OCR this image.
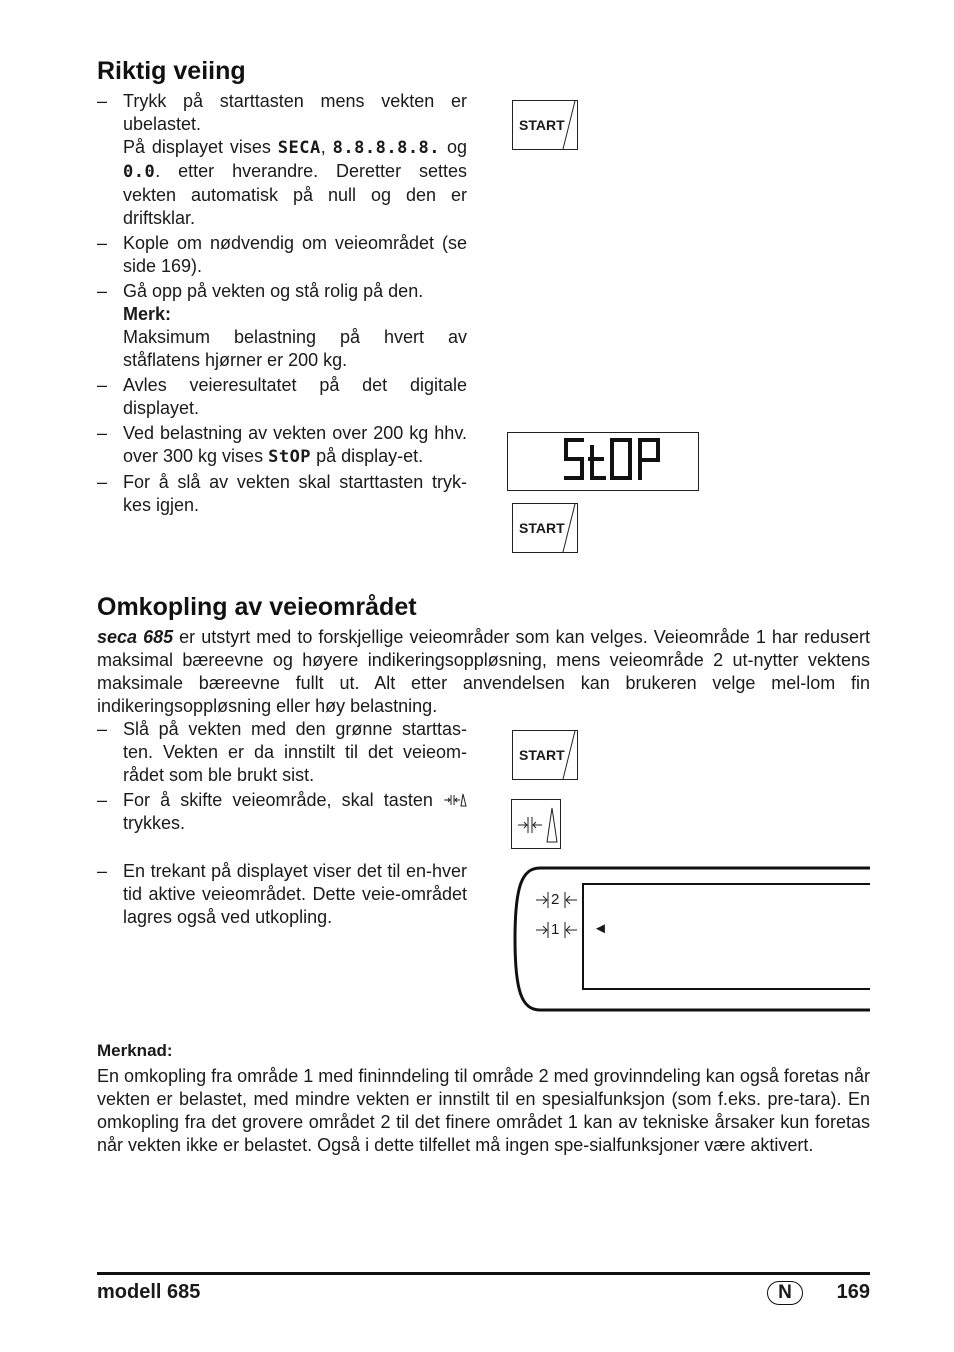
Riktig veiing
– Trykk på starttasten mens vekten er ubelastet.
På displayet vises SECA, 8.8.8.8.8. og 0.0. etter hverandre. Deretter settes vekten automatisk på null og den er driftsklar.
– Kople om nødvendig om veieområdet (se side 169).
– Gå opp på vekten og stå rolig på den.
Merk:
Maksimum belastning på hvert av ståflatens hjørner er 200 kg.
– Avles veieresultatet på det digitale displayet.
– Ved belastning av vekten over 200 kg hhv. over 300 kg vises StOP på display-et.
– For å slå av vekten skal starttasten tryk-kes igjen.
START
START
Omkopling av veieområdet
seca 685 er utstyrt med to forskjellige veieområder som kan velges. Veieområde 1 har redusert maksimal bæreevne og høyere indikeringsoppløsning, mens veieområde 2 ut-nytter vektens maksimale bæreevne fullt ut. Alt etter anvendelsen kan brukeren velge mel-lom fin indikeringsoppløsning eller høy belastning.
– Slå på vekten med den grønne starttas-ten. Vekten er da innstilt til det veieom-rådet som ble brukt sist.
– For å skifte veieområde, skal tasten  trykkes.
– En trekant på displayet viser det til en-hver tid aktive veieområdet. Dette veie-området lagres også ved utkopling.
START
2
1 ◄
Merknad:
En omkopling fra område 1 med fininndeling til område 2 med grovinndeling kan også foretas når vekten er belastet, med mindre vekten er innstilt til en spesialfunksjon (som f.eks. pre-tara). En omkopling fra det grovere området 2 til det finere området 1 kan av tekniske årsaker kun foretas når vekten ikke er belastet. Også i dette tilfellet må ingen spe-sialfunksjoner være aktivert.
modell 685	N	169
